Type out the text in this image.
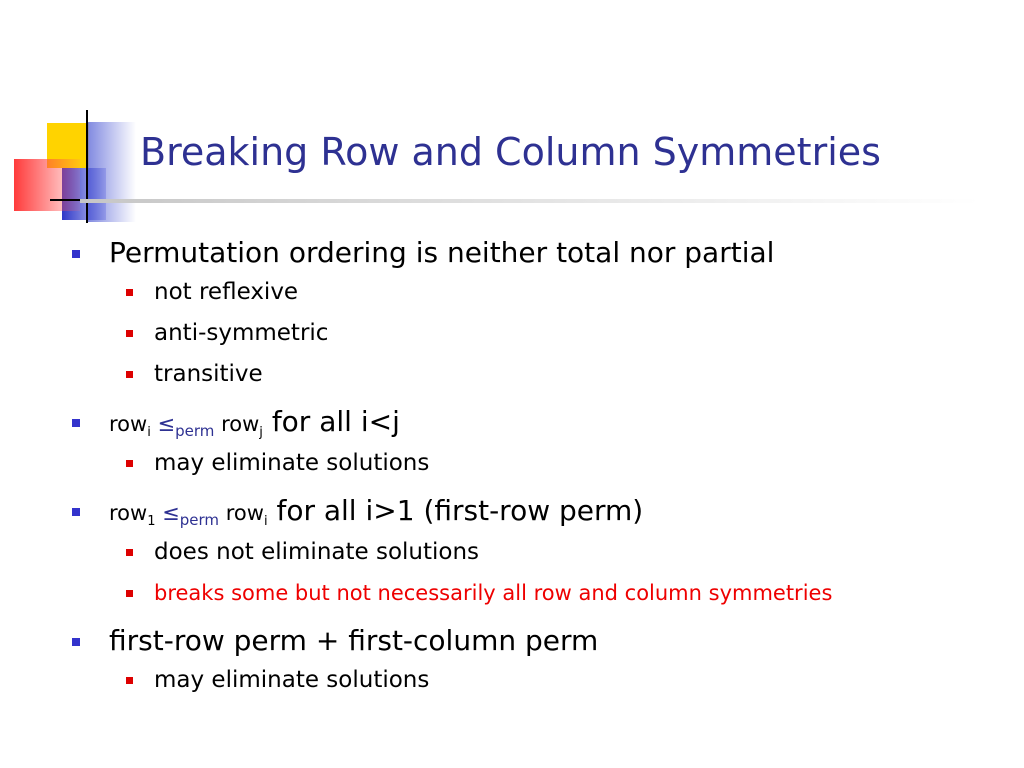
Breaking Row and Column Symmetries
Permutation ordering is neither total nor partial
not reflexive
anti-symmetric
transitive
$row_i \le_{perm}$ row$_j$ for all i<j
may eliminate solutions
$row_1 \le_{perm}$ row$_i$ for all i>1 (first-row perm)
does not eliminate solutions
breaks some but not necessarily all row and column symmetries
first-row perm + first-column perm
may eliminate solutions
